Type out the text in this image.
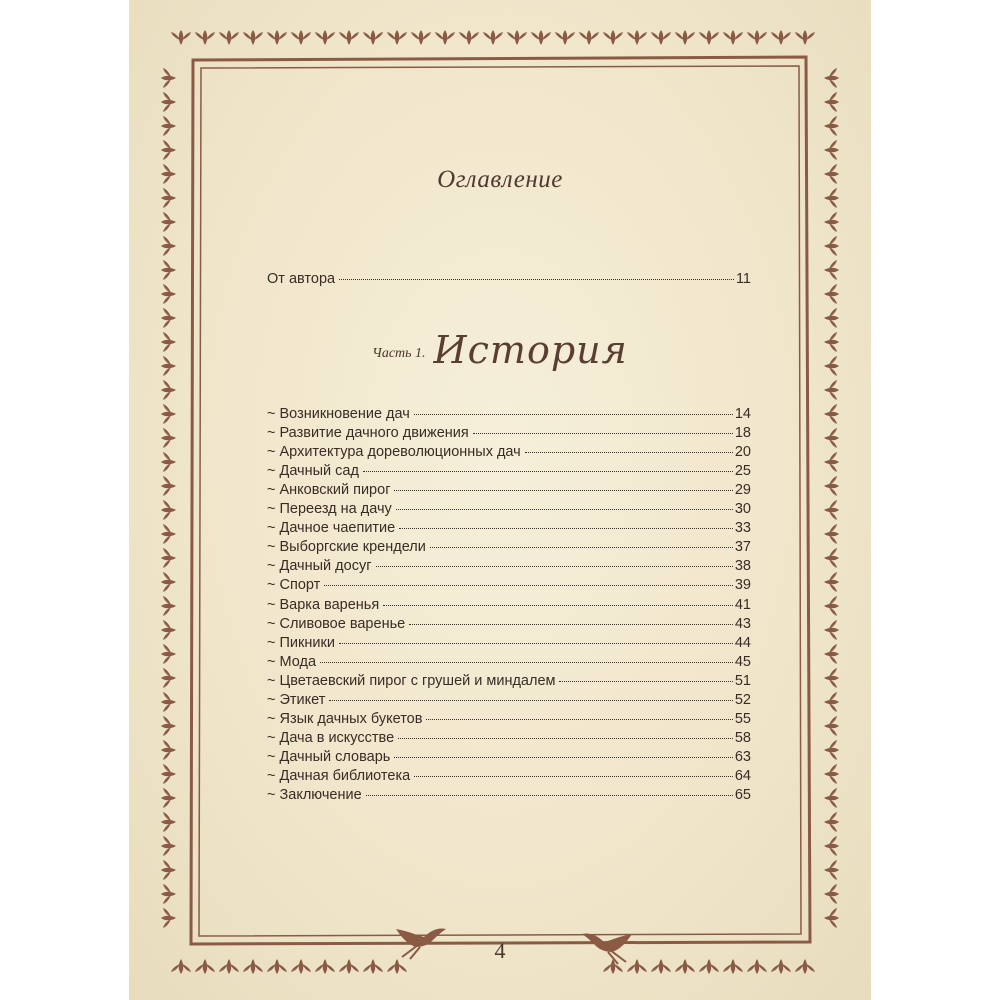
Оглавление
От автора	11
Часть 1. История
~ Возникновение дач	14
~ Развитие дачного движения	18
~ Архитектура дореволюционных дач	20
~ Дачный сад	25
~ Анковский пирог	29
~ Переезд на дачу	30
~ Дачное чаепитие	33
~ Выборгские крендели	37
~ Дачный досуг	38
~ Спорт	39
~ Варка варенья	41
~ Сливовое варенье	43
~ Пикники	44
~ Мода	45
~ Цветаевский пирог с грушей и миндалем	51
~ Этикет	52
~ Язык дачных букетов	55
~ Дача в искусстве	58
~ Дачный словарь	63
~ Дачная библиотека	64
~ Заключение	65
4
